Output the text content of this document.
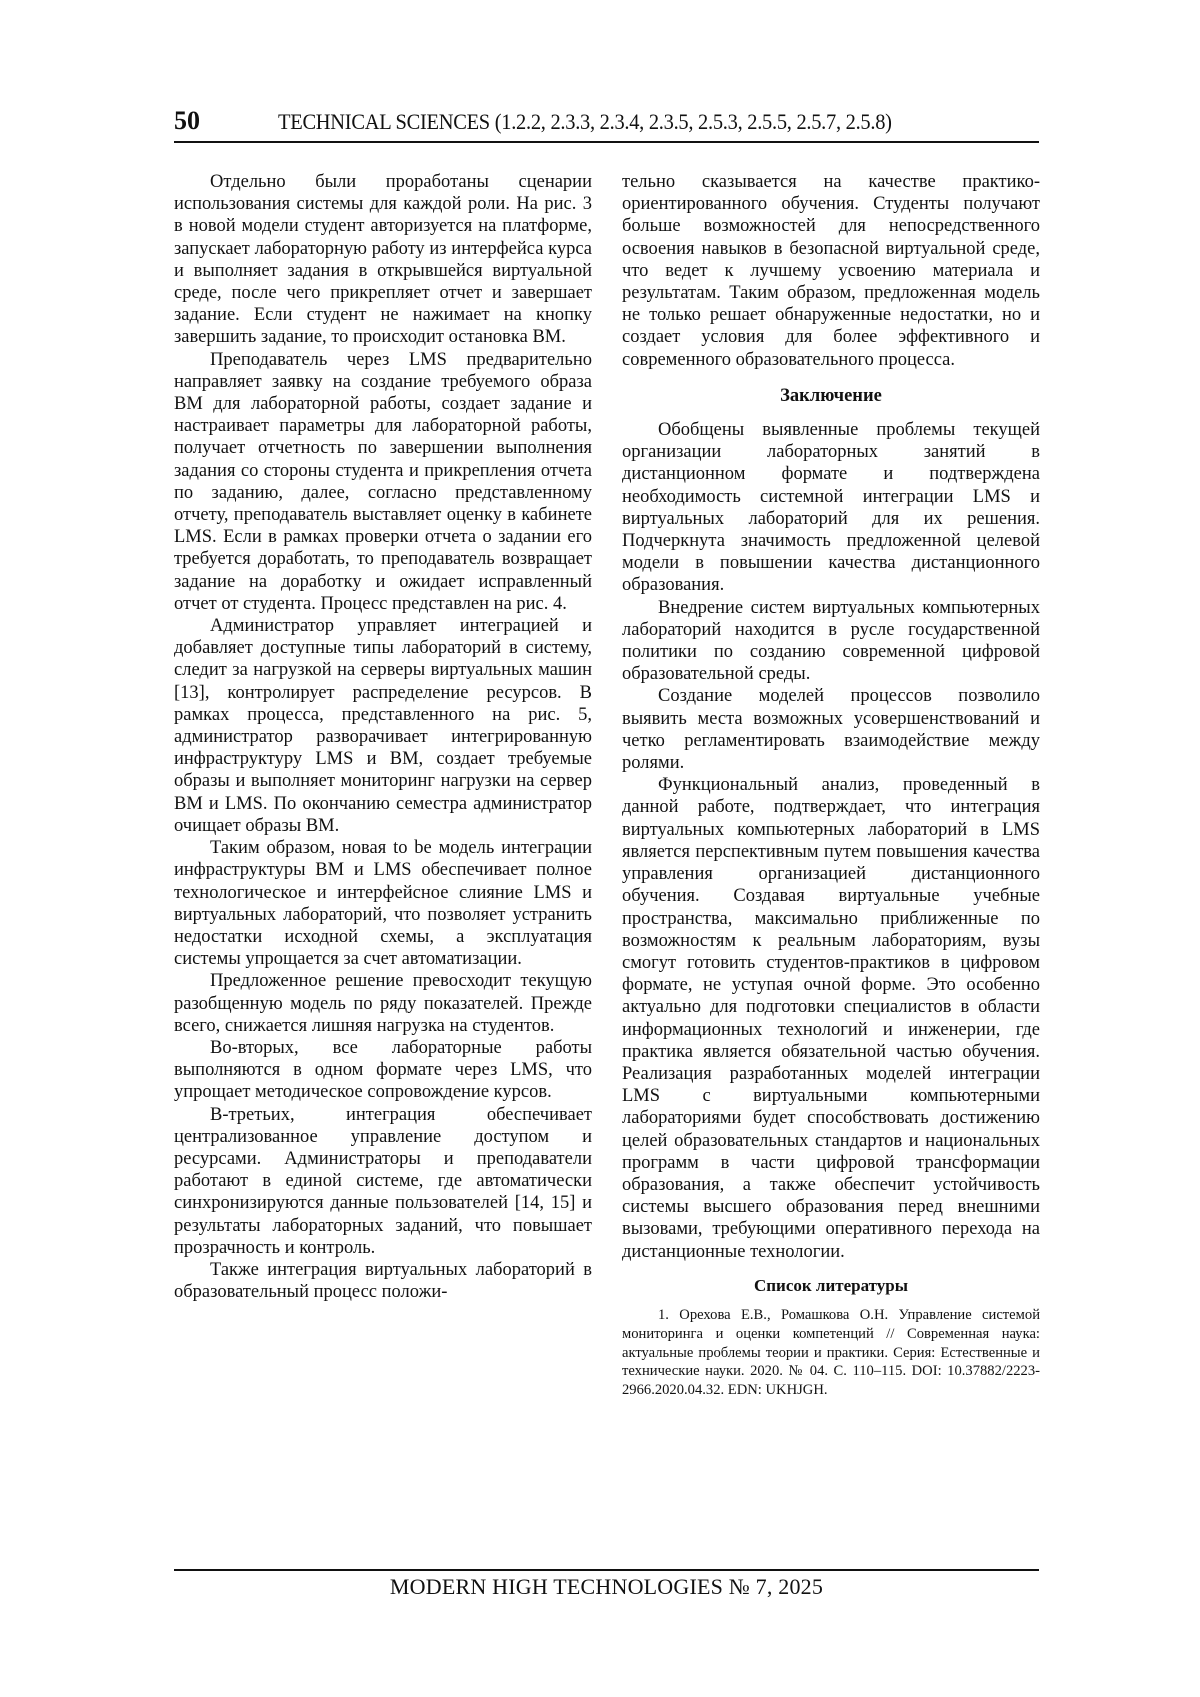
50	TECHNICAL SCIENCES (1.2.2, 2.3.3, 2.3.4, 2.3.5, 2.5.3, 2.5.5, 2.5.7, 2.5.8)

Отдельно были проработаны сценарии использования системы для каждой роли. На рис. 3 в новой модели студент авторизуется на платформе, запускает лабораторную работу из интерфейса курса и выполняет задания в открывшейся виртуальной среде, после чего прикрепляет отчет и завершает задание. Если студент не нажимает на кнопку завершить задание, то происходит остановка ВМ.

Преподаватель через LMS предварительно направляет заявку на создание требуемого образа ВМ для лабораторной работы, создает задание и настраивает параметры для лабораторной работы, получает отчетность по завершении выполнения задания со стороны студента и прикрепления отчета по заданию, далее, согласно представленному отчету, преподаватель выставляет оценку в кабинете LMS. Если в рамках проверки отчета о задании его требуется доработать, то преподаватель возвращает задание на доработку и ожидает исправленный отчет от студента. Процесс представлен на рис. 4.

Администратор управляет интеграцией и добавляет доступные типы лабораторий в систему, следит за нагрузкой на серверы виртуальных машин [13], контролирует распределение ресурсов. В рамках процесса, представленного на рис. 5, администратор разворачивает интегрированную инфраструктуру LMS и ВМ, создает требуемые образы и выполняет мониторинг нагрузки на сервер ВМ и LMS. По окончанию семестра администратор очищает образы ВМ.

Таким образом, новая to be модель интеграции инфраструктуры ВМ и LMS обеспечивает полное технологическое и интерфейсное слияние LMS и виртуальных лабораторий, что позволяет устранить недостатки исходной схемы, а эксплуатация системы упрощается за счет автоматизации.

Предложенное решение превосходит текущую разобщенную модель по ряду показателей. Прежде всего, снижается лишняя нагрузка на студентов.

Во-вторых, все лабораторные работы выполняются в одном формате через LMS, что упрощает методическое сопровождение курсов.

В-третьих, интеграция обеспечивает централизованное управление доступом и ресурсами. Администраторы и преподаватели работают в единой системе, где автоматически синхронизируются данные пользователей [14, 15] и результаты лабораторных заданий, что повышает прозрачность и контроль.

Также интеграция виртуальных лабораторий в образовательный процесс положи-

тельно сказывается на качестве практико-ориентированного обучения. Студенты получают больше возможностей для непосредственного освоения навыков в безопасной виртуальной среде, что ведет к лучшему усвоению материала и результатам. Таким образом, предложенная модель не только решает обнаруженные недостатки, но и создает условия для более эффективного и современного образовательного процесса.

Заключение

Обобщены выявленные проблемы текущей организации лабораторных занятий в дистанционном формате и подтверждена необходимость системной интеграции LMS и виртуальных лабораторий для их решения. Подчеркнута значимость предложенной целевой модели в повышении качества дистанционного образования.

Внедрение систем виртуальных компьютерных лабораторий находится в русле государственной политики по созданию современной цифровой образовательной среды.

Создание моделей процессов позволило выявить места возможных усовершенствований и четко регламентировать взаимодействие между ролями.

Функциональный анализ, проведенный в данной работе, подтверждает, что интеграция виртуальных компьютерных лабораторий в LMS является перспективным путем повышения качества управления организацией дистанционного обучения. Создавая виртуальные учебные пространства, максимально приближенные по возможностям к реальным лабораториям, вузы смогут готовить студентов-практиков в цифровом формате, не уступая очной форме. Это особенно актуально для подготовки специалистов в области информационных технологий и инженерии, где практика является обязательной частью обучения. Реализация разработанных моделей интеграции LMS с виртуальными компьютерными лабораториями будет способствовать достижению целей образовательных стандартов и национальных программ в части цифровой трансформации образования, а также обеспечит устойчивость системы высшего образования перед внешними вызовами, требующими оперативного перехода на дистанционные технологии.

Список литературы

1. Орехова Е.В., Ромашкова О.Н. Управление системой мониторинга и оценки компетенций // Современная наука: актуальные проблемы теории и практики. Серия: Естественные и технические науки. 2020. № 04. С. 110–115. DOI: 10.37882/2223-2966.2020.04.32. EDN: UKHJGH.

MODERN HIGH TECHNOLOGIES № 7, 2025
